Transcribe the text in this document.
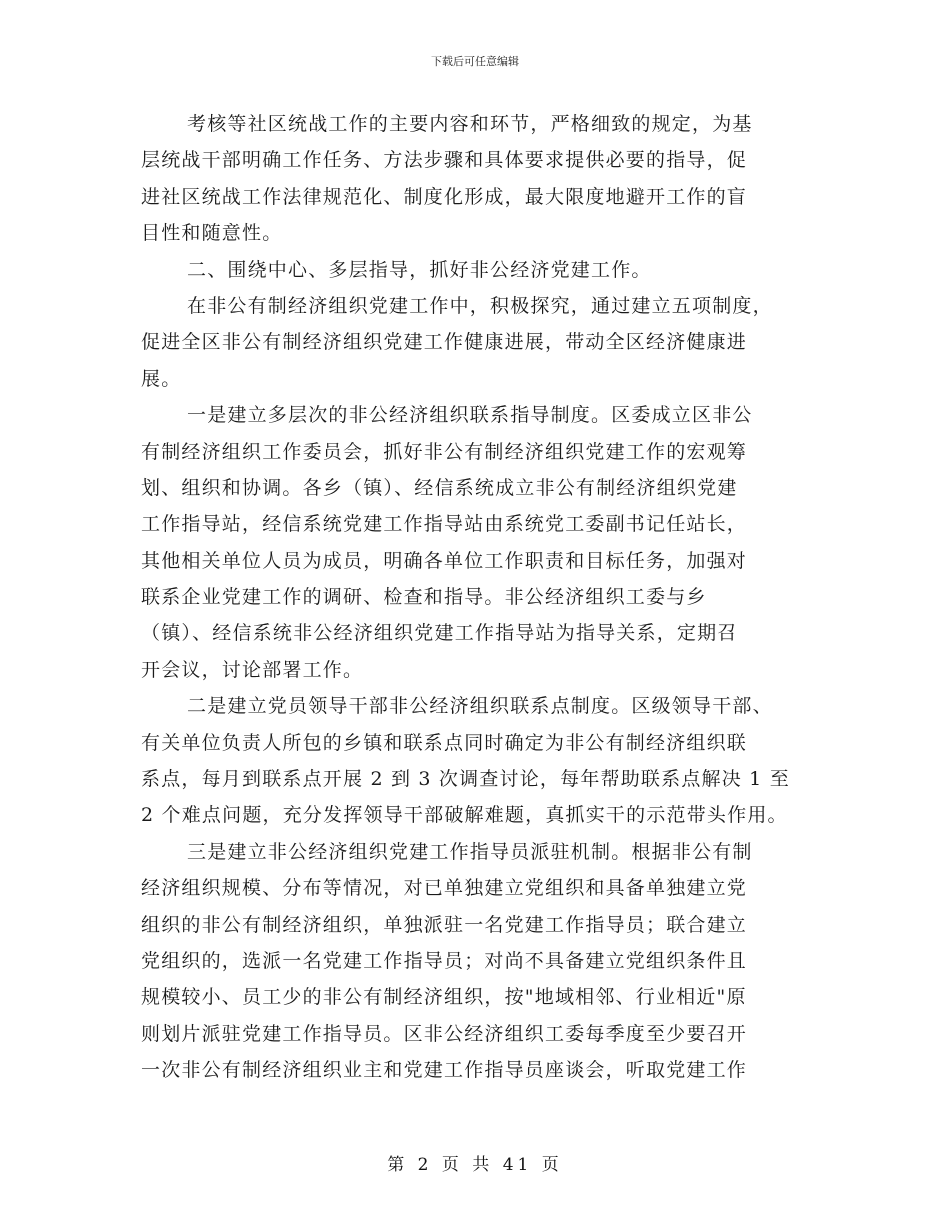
下载后可任意编辑

考核等社区统战工作的主要内容和环节，严格细致的规定，为基
层统战干部明确工作任务、方法步骤和具体要求提供必要的指导，促
进社区统战工作法律规范化、制度化形成，最大限度地避开工作的盲
目性和随意性。

二、围绕中心、多层指导，抓好非公经济党建工作。

在非公有制经济组织党建工作中，积极探究，通过建立五项制度，
促进全区非公有制经济组织党建工作健康进展，带动全区经济健康进
展。

一是建立多层次的非公经济组织联系指导制度。区委成立区非公
有制经济组织工作委员会，抓好非公有制经济组织党建工作的宏观筹
划、组织和协调。各乡（镇）、经信系统成立非公有制经济组织党建
工作指导站，经信系统党建工作指导站由系统党工委副书记任站长，
其他相关单位人员为成员，明确各单位工作职责和目标任务，加强对
联系企业党建工作的调研、检查和指导。非公经济组织工委与乡
（镇）、经信系统非公经济组织党建工作指导站为指导关系，定期召
开会议，讨论部署工作。

二是建立党员领导干部非公经济组织联系点制度。区级领导干部、
有关单位负责人所包的乡镇和联系点同时确定为非公有制经济组织联
系点，每月到联系点开展 2 到 3 次调查讨论，每年帮助联系点解决 1 至
2 个难点问题，充分发挥领导干部破解难题，真抓实干的示范带头作用。

三是建立非公经济组织党建工作指导员派驻机制。根据非公有制
经济组织规模、分布等情况，对已单独建立党组织和具备单独建立党
组织的非公有制经济组织，单独派驻一名党建工作指导员；联合建立
党组织的，选派一名党建工作指导员；对尚不具备建立党组织条件且
规模较小、员工少的非公有制经济组织，按"地域相邻、行业相近"原
则划片派驻党建工作指导员。区非公经济组织工委每季度至少要召开
一次非公有制经济组织业主和党建工作指导员座谈会，听取党建工作

第 2 页 共 41 页
